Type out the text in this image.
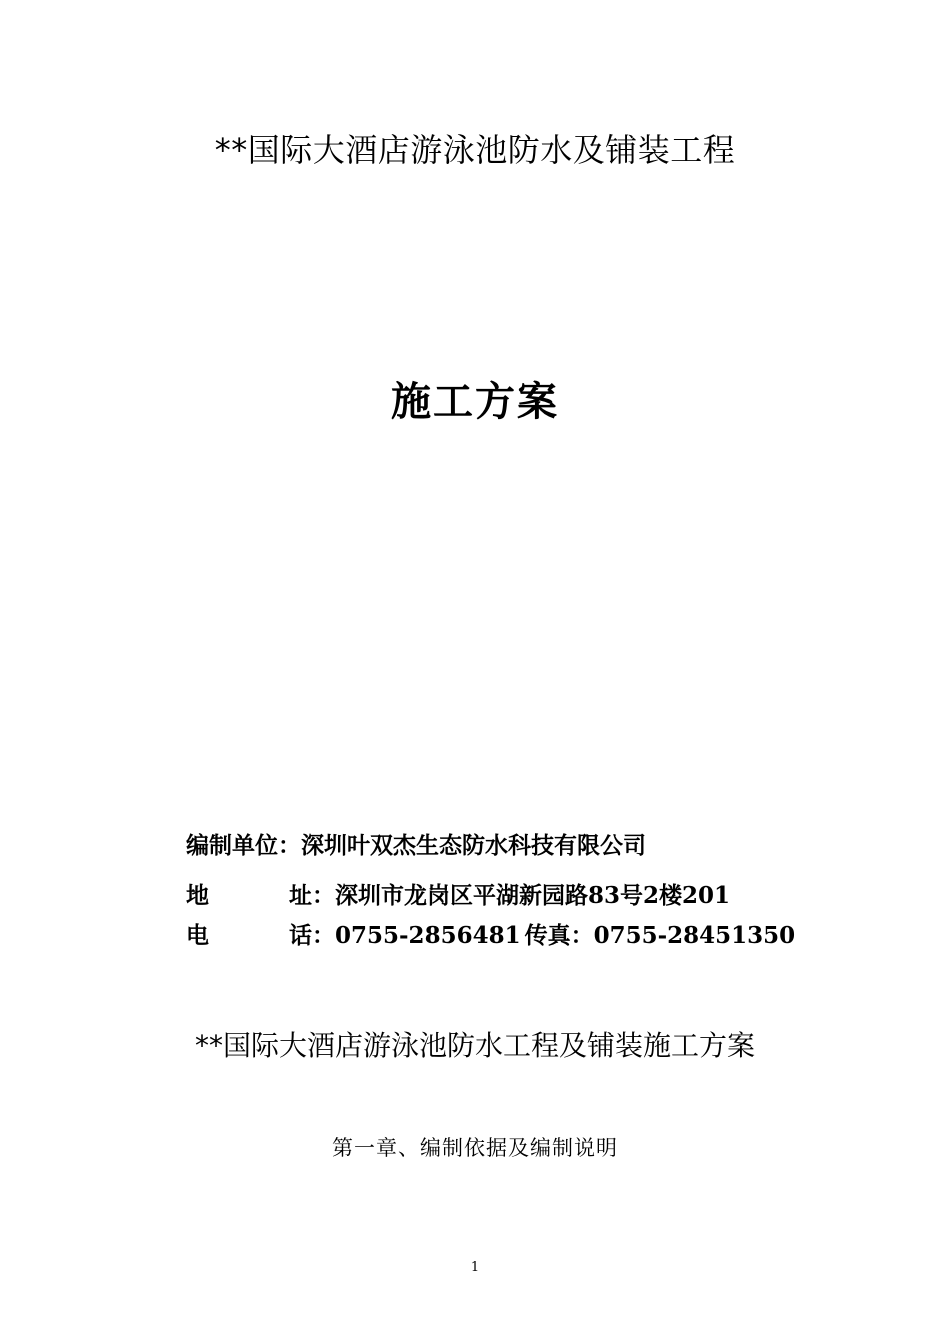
**国际大酒店游泳池防水及铺装工程
施工方案
编制单位 ： 深圳叶双杰生态防水科技有限公司
地	址 ： 深圳市龙岗区平湖新园路83号2楼201
电	话 ： 0755-2856481 传真： 0755-28451350
**国际大酒店游泳池防水工程及铺装施工方案
第一章、编制依据及编制说明
1
